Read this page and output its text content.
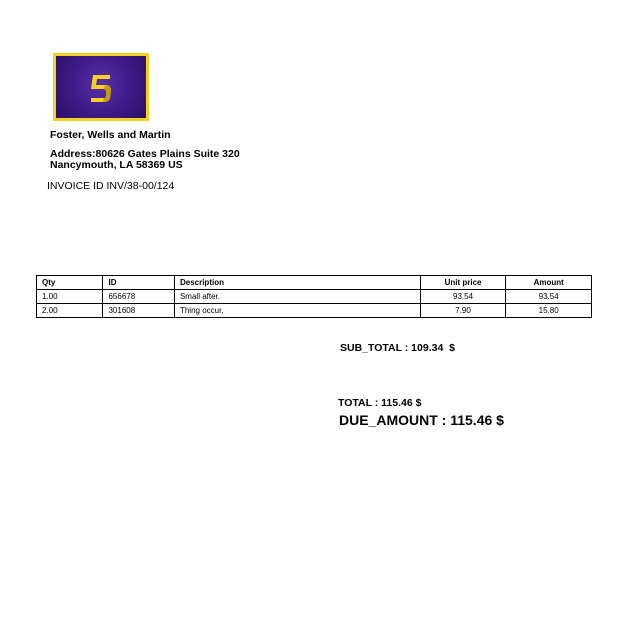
Foster, Wells and Martin
Address:80626 Gates Plains Suite 320
Nancymouth, LA 58369 US
INVOICE ID INV/38-00/124
Qty	ID	Description	Unit price	Amount
1.00	656678	Small after.	93.54	93.54
2.00	301608	Thing occur.	7.90	15.80
SUB_TOTAL : 109.34  $
TOTAL : 115.46 $
DUE_AMOUNT : 115.46 $
